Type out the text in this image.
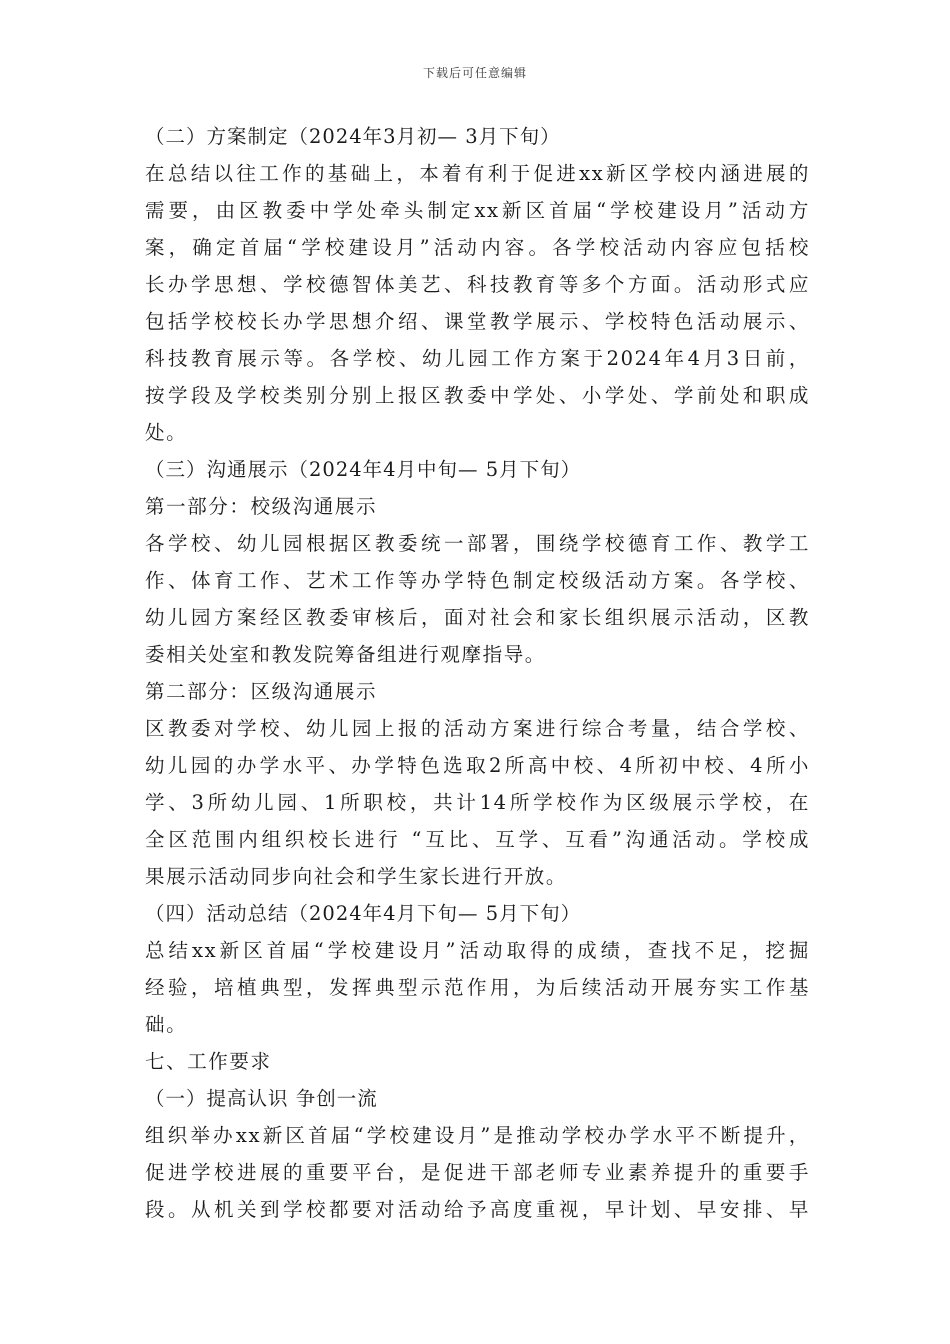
下载后可任意编辑
（二）方案制定（2024年3月初— 3月下旬）
在总结以往工作的基础上，本着有利于促进xx新区学校内涵进展的
需要，由区教委中学处牵头制定xx新区首届“学校建设月”活动方
案，确定首届“学校建设月”活动内容。各学校活动内容应包括校
长办学思想、学校德智体美艺、科技教育等多个方面。活动形式应
包括学校校长办学思想介绍、课堂教学展示、学校特色活动展示、
科技教育展示等。各学校、幼儿园工作方案于2024年4月3日前，
按学段及学校类别分别上报区教委中学处、小学处、学前处和职成
处。
（三）沟通展示（2024年4月中旬— 5月下旬）
第一部分：校级沟通展示
各学校、幼儿园根据区教委统一部署，围绕学校德育工作、教学工
作、体育工作、艺术工作等办学特色制定校级活动方案。各学校、
幼儿园方案经区教委审核后，面对社会和家长组织展示活动，区教
委相关处室和教发院筹备组进行观摩指导。
第二部分：区级沟通展示
区教委对学校、幼儿园上报的活动方案进行综合考量，结合学校、
幼儿园的办学水平、办学特色选取2所高中校、4所初中校、4所小
学、3所幼儿园、1所职校，共计14所学校作为区级展示学校，在
全区范围内组织校长进行 “互比、互学、互看”沟通活动。学校成
果展示活动同步向社会和学生家长进行开放。
（四）活动总结（2024年4月下旬— 5月下旬）
总结xx新区首届“学校建设月”活动取得的成绩，查找不足，挖掘
经验，培植典型，发挥典型示范作用，为后续活动开展夯实工作基
础。
七、工作要求
（一）提高认识 争创一流
组织举办xx新区首届“学校建设月”是推动学校办学水平不断提升，
促进学校进展的重要平台，是促进干部老师专业素养提升的重要手
段。从机关到学校都要对活动给予高度重视，早计划、早安排、早
